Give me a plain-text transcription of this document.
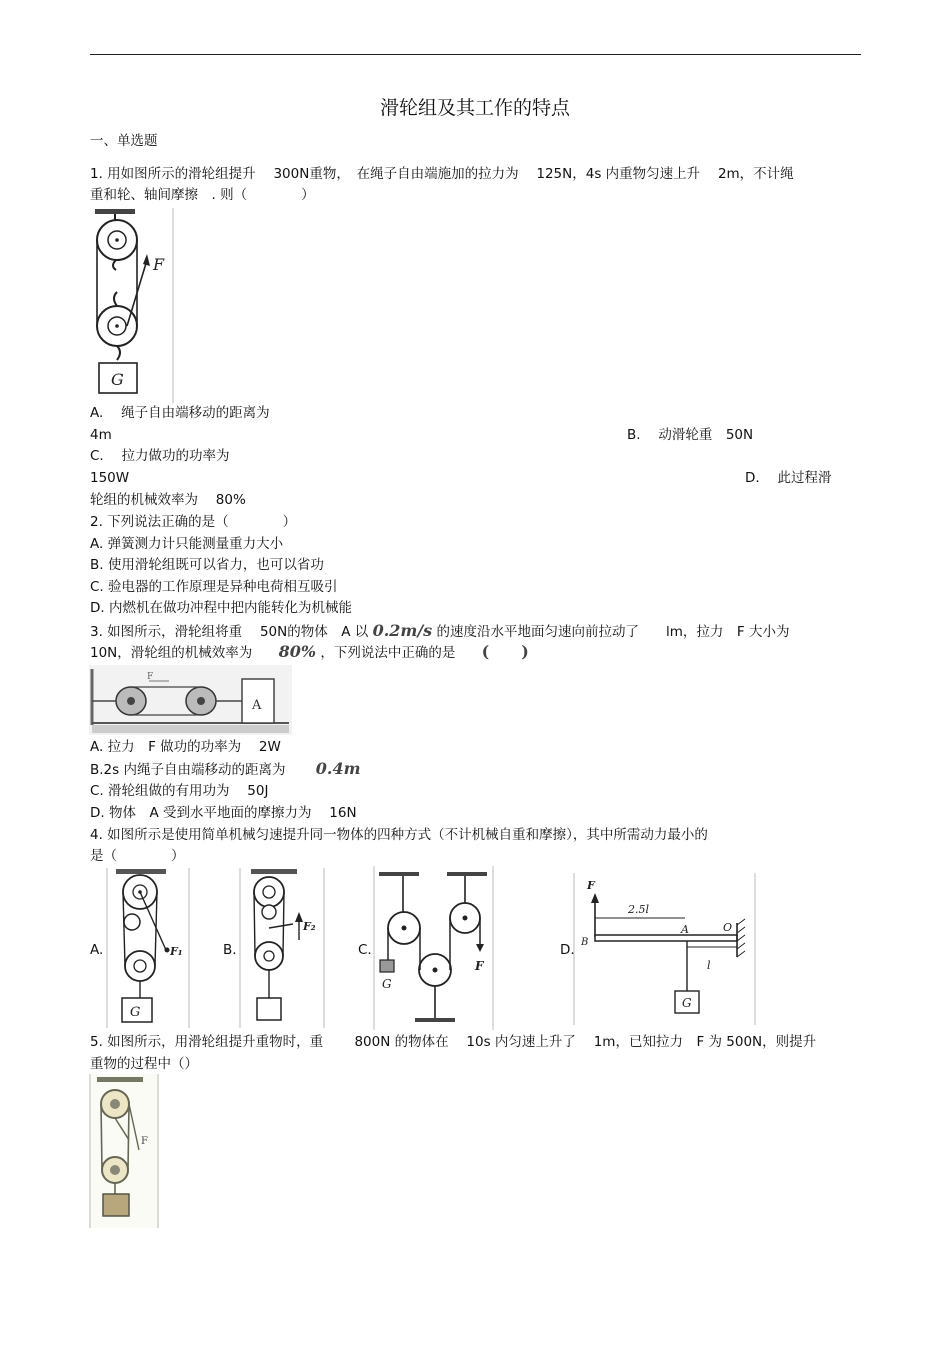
滑轮组及其工作的特点
一、单选题
1. 用如图所示的滑轮组提升　 300N重物，　在绳子自由端施加的拉力为　 125N，4s 内重物匀速上升　 2m，不计绳
重和轮、轴间摩擦　. 则（　　　　）
F
G
A.　 绳子自由端移动的距离为
4m	B.　 动滑轮重　50N
C.　 拉力做功的功率为
150W	D.　 此过程滑
轮组的机械效率为　 80%
2. 下列说法正确的是（　　　　）
A. 弹簧测力计只能测量重力大小
B. 使用滑轮组既可以省力，也可以省功
C. 验电器的工作原理是异种电荷相互吸引
D. 内燃机在做功冲程中把内能转化为机械能
3. 如图所示，滑轮组将重　 50N的物体　A 以 0.2m/s 的速度沿水平地面匀速向前拉动了　　lm，拉力　F 大小为
10N，滑轮组的机械效率为 80% ，下列说法中正确的是 (　　)
F
A
A. 拉力　F 做功的功率为　 2W
B.2s 内绳子自由端移动的距离为 0.4m
C. 滑轮组做的有用功为　 50J
D. 物体　A 受到水平地面的摩擦力为　 16N
4. 如图所示是使用简单机械匀速提升同一物体的四种方式（不计机械自重和摩擦），其中所需动力最小的
是（　　　　）
A.	F₁
G
B.
F₂
C.
F
G
D.
F
B
2.5l
A	O
l
G
5. 如图所示，用滑轮组提升重物时，重　　 800N 的物体在　 10s 内匀速上升了　 1m，已知拉力　F 为 500N，则提升
重物的过程中（）
F
